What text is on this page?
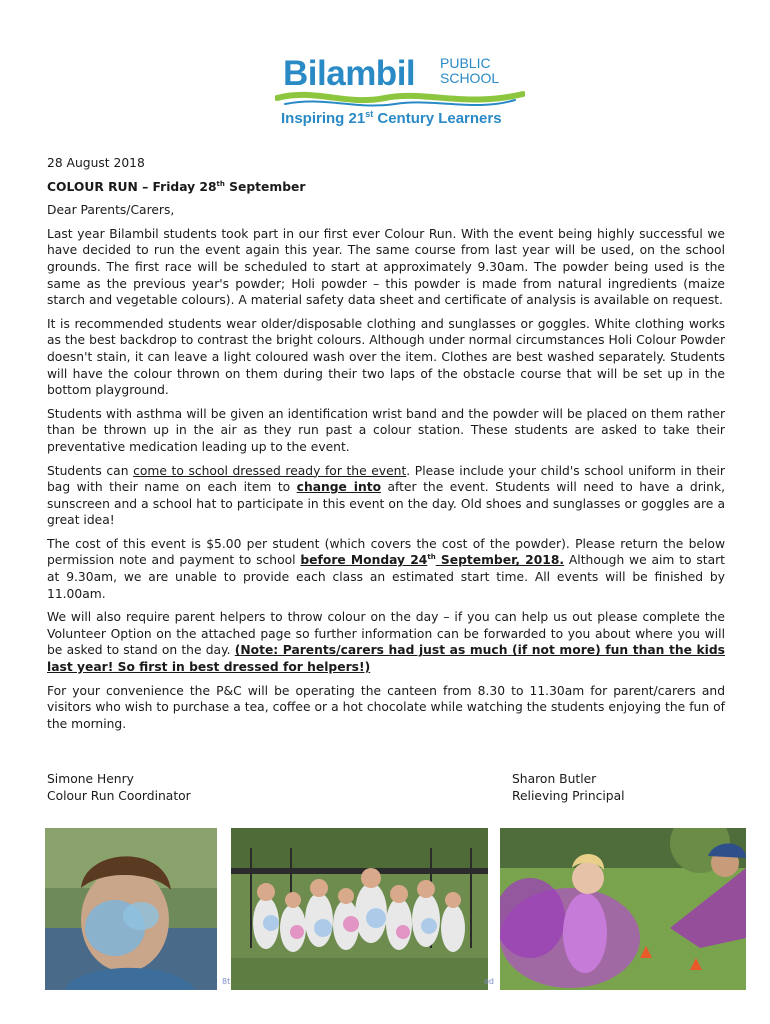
Bilambil PUBLIC
SCHOOL
Inspiring 21st Century Learners
28 August 2018
COLOUR RUN – Friday 28th September
Dear Parents/Carers,
Last year Bilambil students took part in our first ever Colour Run. With the event being highly successful we have decided to run the event again this year. The same course from last year will be used, on the school grounds. The first race will be scheduled to start at approximately 9.30am. The powder being used is the same as the previous year's powder; Holi powder – this powder is made from natural ingredients (maize starch and vegetable colours). A material safety data sheet and certificate of analysis is available on request.
It is recommended students wear older/disposable clothing and sunglasses or goggles. White clothing works as the best backdrop to contrast the bright colours. Although under normal circumstances Holi Colour Powder doesn't stain, it can leave a light coloured wash over the item. Clothes are best washed separately. Students will have the colour thrown on them during their two laps of the obstacle course that will be set up in the bottom playground.
Students with asthma will be given an identification wrist band and the powder will be placed on them rather than be thrown up in the air as they run past a colour station. These students are asked to take their preventative medication leading up to the event.
Students can come to school dressed ready for the event. Please include your child's school uniform in their bag with their name on each item to change into after the event. Students will need to have a drink, sunscreen and a school hat to participate in this event on the day. Old shoes and sunglasses or goggles are a great idea!
The cost of this event is $5.00 per student (which covers the cost of the powder). Please return the below permission note and payment to school before Monday 24th September, 2018. Although we aim to start at 9.30am, we are unable to provide each class an estimated start time. All events will be finished by 11.00am.
We will also require parent helpers to throw colour on the day – if you can help us out please complete the Volunteer Option on the attached page so further information can be forwarded to you about where you will be asked to stand on the day. (Note: Parents/carers had just as much (if not more) fun than the kids last year! So first in best dressed for helpers!)
For your convenience the P&C will be operating the canteen from 8.30 to 11.30am for parent/carers and visitors who wish to purchase a tea, coffee or a hot chocolate while watching the students enjoying the fun of the morning.
Simone Henry
Colour Run Coordinator
Sharon Butler
Relieving Principal
8t	ed
